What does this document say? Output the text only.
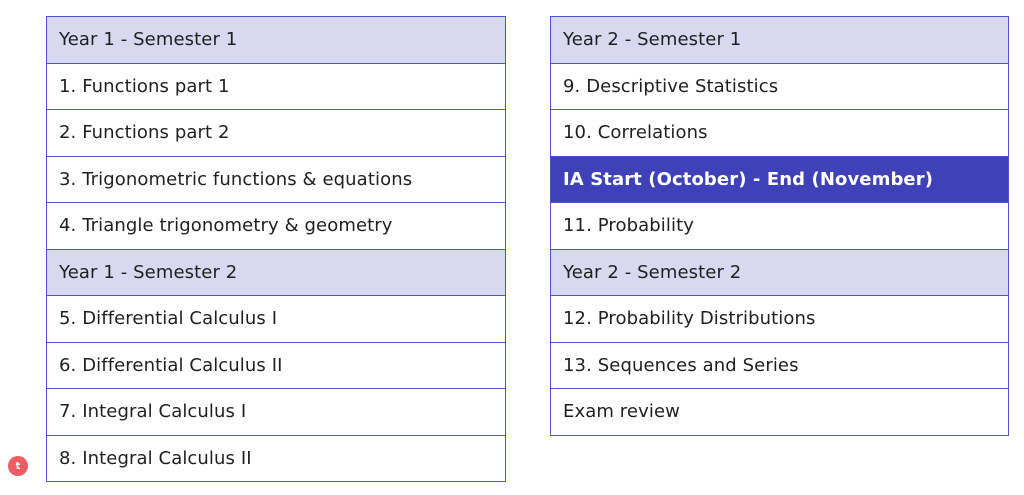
Year 1 - Semester 1
1. Functions part 1
2. Functions part 2
3. Trigonometric functions & equations
4. Triangle trigonometry & geometry
Year 1 - Semester 2
5. Differential Calculus I
6. Differential Calculus II
7. Integral Calculus I
8. Integral Calculus II
Year 2 - Semester 1
9. Descriptive Statistics
10. Correlations
IA Start (October) - End (November)
11. Probability
Year 2 - Semester 2
12. Probability Distributions
13. Sequences and Series
Exam review
t
